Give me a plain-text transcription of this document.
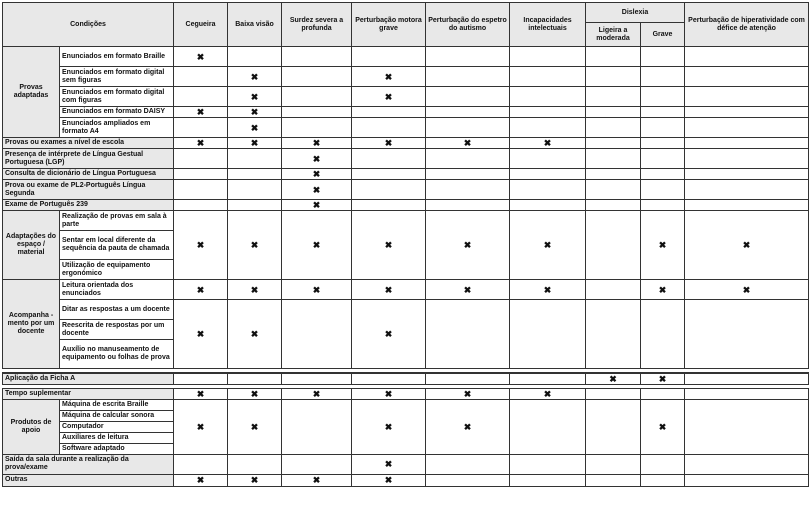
Condições		Cegueira	Baixa visão	Surdez severa a profunda	Perturbação motora grave	Perturbação do espetro do autismo	Incapacidades intelectuais	Dislexia		Perturbação de hiperatividade com défice de atenção
								Ligeira a moderada	Grave	
Provas adaptadas	Enunciados em formato Braille	✖								
	Enunciados em formato digital sem figuras		✖		✖					
	Enunciados em formato digital com figuras		✖		✖					
	Enunciados em formato DAISY	✖	✖							
	Enunciados ampliados em formato A4		✖							
Provas ou exames a nível de escola		✖	✖	✖	✖	✖	✖			
Presença de intérprete de Língua Gestual Portuguesa (LGP)				✖						
Consulta de dicionário de Língua Portuguesa				✖						
Prova ou exame de PL2-Português Língua Segunda				✖						
Exame de Português 239				✖						
Adaptações do espaço / material	Realização de provas em sala à parte	✖	✖	✖	✖	✖	✖		✖	✖
	Sentar em local diferente da sequência da pauta de chamada									
	Utilização de equipamento ergonómico									
Acompanha -mento por um docente	Leitura orientada dos enunciados	✖	✖	✖	✖	✖	✖		✖	✖
	Ditar as respostas a um docente	✖	✖		✖					
	Reescrita de respostas por um docente									
	Auxílio no manuseamento de equipamento ou folhas de prova									

Aplicação da Ficha A								✖	✖	

Tempo suplementar		✖	✖	✖	✖	✖	✖			
Produtos de apoio	Máquina de escrita Braille	✖	✖		✖	✖			✖	
	Máquina de calcular sonora									
	Computador									
	Auxiliares de leitura									
	Software adaptado									
Saída da sala durante a realização da prova/exame					✖					
Outras		✖	✖	✖	✖					
